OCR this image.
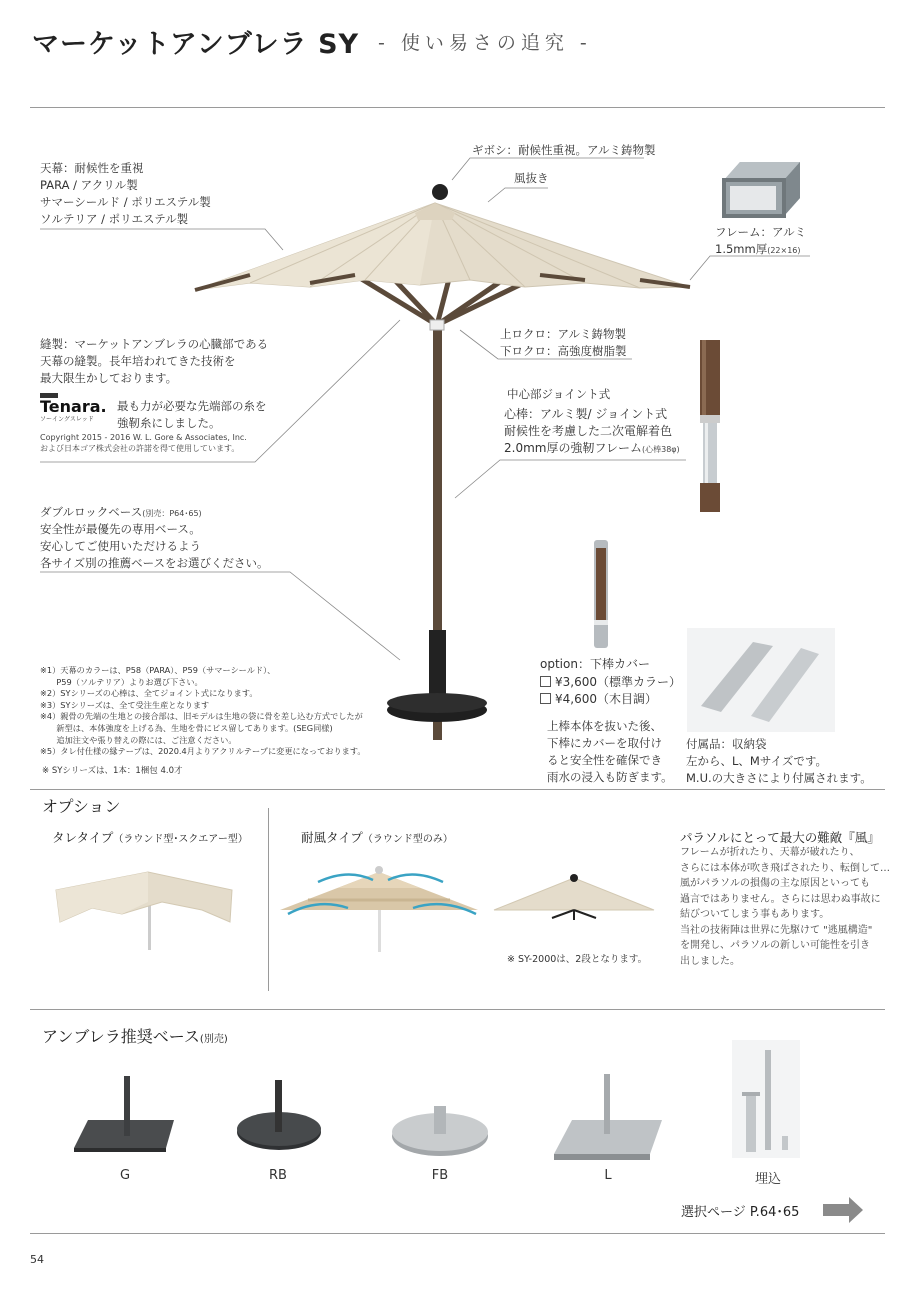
マーケットアンブレラ SY - 使い易さの追究 -
天幕：耐候性を重視
PARA / アクリル製
サマーシールド / ポリエステル製
ソルテリア / ポリエステル製
ギボシ：耐候性重視。アルミ鋳物製
風抜き
フレーム：アルミ
1.5mm厚(22×16)
上ロクロ：アルミ鋳物製
下ロクロ：高強度樹脂製
縫製：マーケットアンブレラの心臓部である
天幕の縫製。長年培われてきた技術を
最大限生かしております。
Tenara.
ソーイングスレッド
最も力が必要な先端部の糸を
強靭糸にしました。
Copyright 2015 - 2016 W. L. Gore & Associates, Inc.
および日本ゴア株式会社の許諾を得て使用しています。
中心部ジョイント式
心棒：アルミ製/ ジョイント式
耐候性を考慮した二次電解着色
2.0mm厚の強靭フレーム(心棒38φ)
ダブルロックベース(別売：P64･65)
安全性が最優先の専用ベース。
安心してご使用いただけるよう
各サイズ別の推薦ベースをお選びください。
※1）天幕のカラーは、P58（PARA）、P59（サマーシールド）、
　　P59（ソルテリア）よりお選び下さい。
※2）SYシリーズの心棒は、全てジョイント式になります。
※3）SYシリーズは、全て受注生産となります
※4）親骨の先端の生地との接合部は、旧モデルは生地の袋に骨を差し込む方式でしたが
　　新型は、本体強度を上げる為、生地を骨にビス留してあります。(SEG同様)
　　追加注文や張り替えの際には、ご注意ください。
※5）タレ付仕様の縁テープは、2020.4月よりアクリルテープに変更になっております。
※ SYシリーズは、1本：1梱包 4.0才
option：下棒カバー
¥3,600（標準カラー）
¥4,600（木目調）
上棒本体を抜いた後、
下棒にカバーを取付け
ると安全性を確保でき
雨水の浸入も防ぎます。
付属品：収納袋
左から、L、Mサイズです。
M.U.の大きさにより付属されます。
オプション
タレタイプ（ラウンド型･スクエアー型）	耐風タイプ（ラウンド型のみ）
※ SY-2000は、2段となります。
パラソルにとって最大の難敵『風』
フレームが折れたり、天幕が破れたり、
さらには本体が吹き飛ばされたり、転倒して…
風がパラソルの損傷の主な原因といっても
過言ではありません。さらには思わぬ事故に
結びついてしまう事もあります。
当社の技術陣は世界に先駆けて "逃風構造"
を開発し、パラソルの新しい可能性を引き
出しました。
アンブレラ推奨ベース(別売)
G	RB	FB	L	埋込
選択ページ P.64･65
54
